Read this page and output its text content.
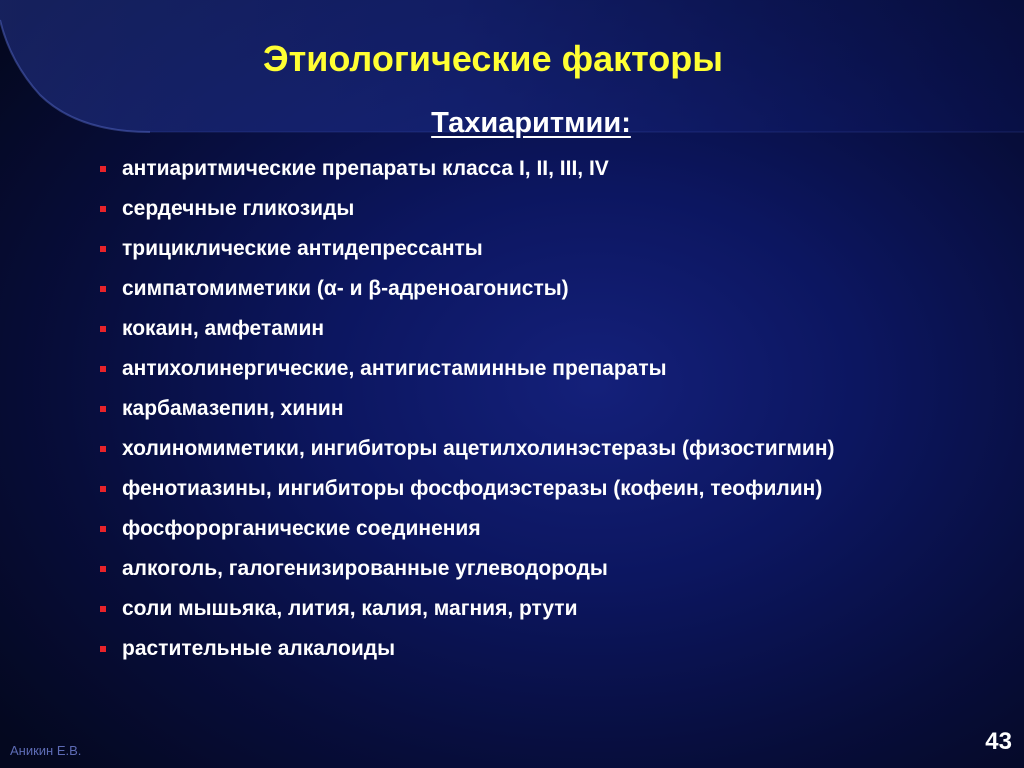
Этиологические факторы
Тахиаритмии:
антиаритмические препараты класса I, II, III, IV
сердечные гликозиды
трициклические антидепрессанты
симпатомиметики (α- и β-адреноагонисты)
кокаин, амфетамин
антихолинергические, антигистаминные препараты
карбамазепин, хинин
холиномиметики, ингибиторы ацетилхолинэстеразы (физостигмин)
фенотиазины, ингибиторы фосфодиэстеразы (кофеин, теофилин)
фосфорорганические соединения
алкоголь, галогенизированные углеводороды
соли мышьяка, лития, калия, магния, ртути
растительные алкалоиды
Аникин Е.В.	43
